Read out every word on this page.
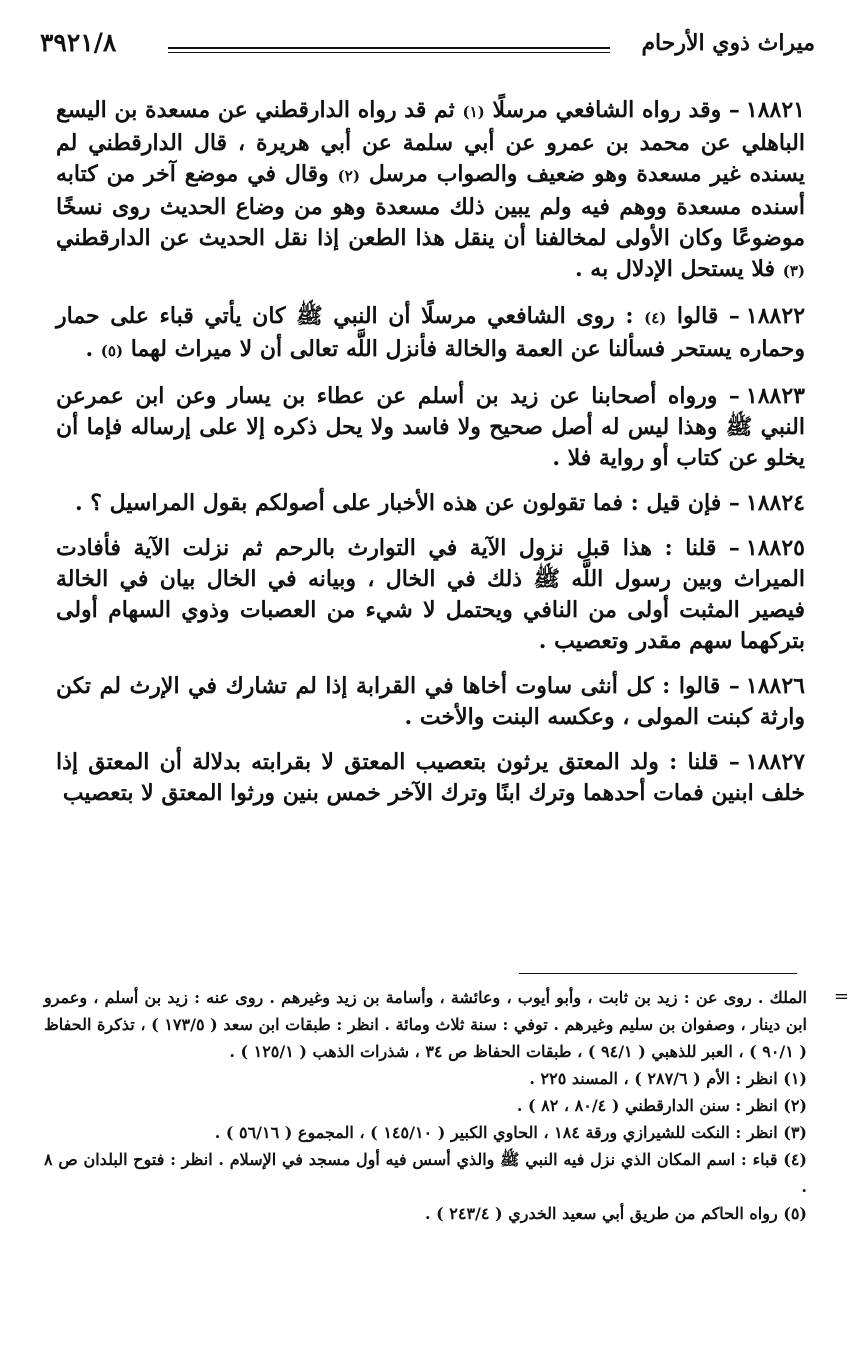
ميراث ذوي الأرحام
٣٩٢١/٨

١٨٨٢١– وقد رواه الشافعي مرسلًا (١) ثم قد رواه الدارقطني عن مسعدة بن اليسع الباهلي عن محمد بن عمرو عن أبي سلمة عن أبي هريرة ، قال الدارقطني لم يسنده غير مسعدة وهو ضعيف والصواب مرسل (٢) وقال في موضع آخر من كتابه أسنده مسعدة ووهم فيه ولم يبين ذلك مسعدة وهو من وضاع الحديث روى نسخًا موضوعًا وكان الأولى لمخالفنا أن ينقل هذا الطعن إذا نقل الحديث عن الدارقطني (٣) فلا يستحل الإدلال به .

١٨٨٢٢– قالوا (٤) : روى الشافعي مرسلًا أن النبي ﷺ كان يأتي قباء على حمار وحماره يستحر فسألنا عن العمة والخالة فأنزل اللَّه تعالى أن لا ميراث لهما (٥) .

١٨٨٢٣– ورواه أصحابنا عن زيد بن أسلم عن عطاء بن يسار وعن ابن عمرعن النبي ﷺ وهذا ليس له أصل صحيح ولا فاسد ولا يحل ذكره إلا على إرساله فإما أن يخلو عن كتاب أو رواية فلا .

١٨٨٢٤– فإن قيل : فما تقولون عن هذه الأخبار على أصولكم بقول المراسيل ؟ .

١٨٨٢٥– قلنا : هذا قبل نزول الآية في التوارث بالرحم ثم نزلت الآية فأفادت الميراث وبين رسول اللَّه ﷺ ذلك في الخال ، وبيانه في الخال بيان في الخالة فيصير المثبت أولى من النافي ويحتمل لا شيء من العصبات وذوي السهام أولى بتركهما سهم مقدر وتعصيب .

١٨٨٢٦– قالوا : كل أنثى ساوت أخاها في القرابة إذا لم تشارك في الإرث لم تكن وارثة كبنت المولى ، وعكسه البنت والأخت .

١٨٨٢٧– قلنا : ولد المعتق يرثون بتعصيب المعتق لا بقرابته بدلالة أن المعتق إذا خلف ابنين فمات أحدهما وترك ابنًا وترك الآخر خمس بنين ورثوا المعتق لا بتعصيب

=

الملك . روى عن : زيد بن ثابت ، وأبو أيوب ، وعائشة ، وأسامة بن زيد وغيرهم . روى عنه : زيد بن أسلم ، وعمرو ابن دينار ، وصفوان بن سليم وغيرهم . توفي : سنة ثلاث ومائة . انظر : طبقات ابن سعد ( ١٧٣/٥ ) ، تذكرة الحفاظ ( ٩٠/١ ) ، العبر للذهبي ( ٩٤/١ ) ، طبقات الحفاظ ص ٣٤ ، شذرات الذهب ( ١٢٥/١ ) .

(١) انظر : الأم ( ٢٨٧/٦ ) ، المسند ٢٢٥ .

(٢) انظر : سنن الدارقطني ( ٨٠/٤ ، ٨٢ ) .

(٣) انظر : النكت للشيرازي ورقة ١٨٤ ، الحاوي الكبير ( ١٤٥/١٠ ) ، المجموع ( ٥٦/١٦ ) .

(٤) قباء : اسم المكان الذي نزل فيه النبي ﷺ والذي أسس فيه أول مسجد في الإسلام . انظر : فتوح البلدان ص ٨ .

(٥) رواه الحاكم من طريق أبي سعيد الخدري ( ٢٤٣/٤ ) .
